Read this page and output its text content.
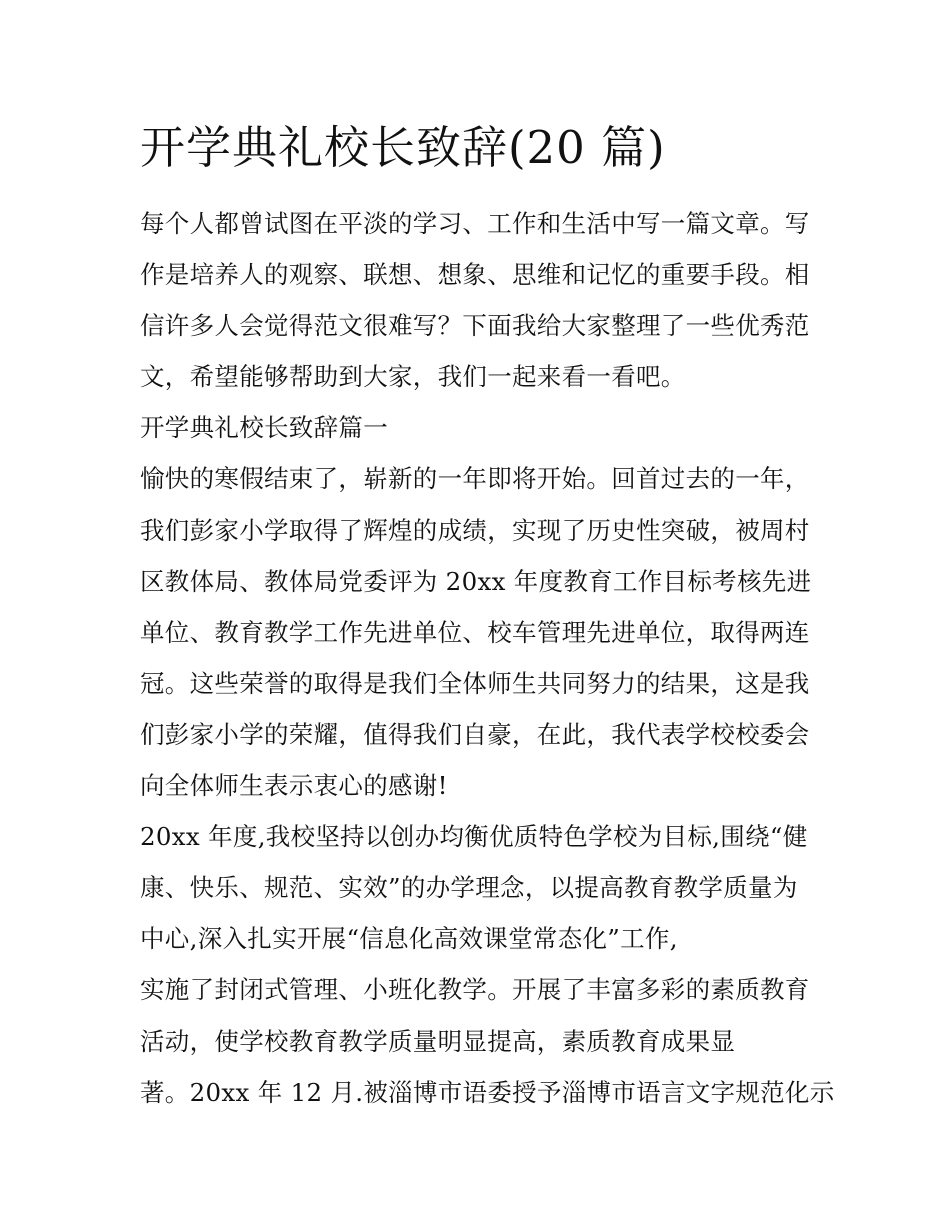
开学典礼校长致辞(20 篇)
每个人都曾试图在平淡的学习、工作和生活中写一篇文章。写
作是培养人的观察、联想、想象、思维和记忆的重要手段。相
信许多人会觉得范文很难写？下面我给大家整理了一些优秀范
文，希望能够帮助到大家，我们一起来看一看吧。
开学典礼校长致辞篇一
愉快的寒假结束了，崭新的一年即将开始。回首过去的一年，
我们彭家小学取得了辉煌的成绩，实现了历史性突破，被周村
区教体局、教体局党委评为 20xx 年度教育工作目标考核先进
单位、教育教学工作先进单位、校车管理先进单位，取得两连
冠。这些荣誉的取得是我们全体师生共同努力的结果，这是我
们彭家小学的荣耀，值得我们自豪，在此，我代表学校校委会
向全体师生表示衷心的感谢!
20xx 年度,我校坚持以创办均衡优质特色学校为目标,围绕“健
康、快乐、规范、实效”的办学理念，以提高教育教学质量为
中心,深入扎实开展“信息化高效课堂常态化”工作,
实施了封闭式管理、小班化教学。开展了丰富多彩的素质教育
活动，使学校教育教学质量明显提高，素质教育成果显
著。20xx 年 12 月.被淄博市语委授予淄博市语言文字规范化示
